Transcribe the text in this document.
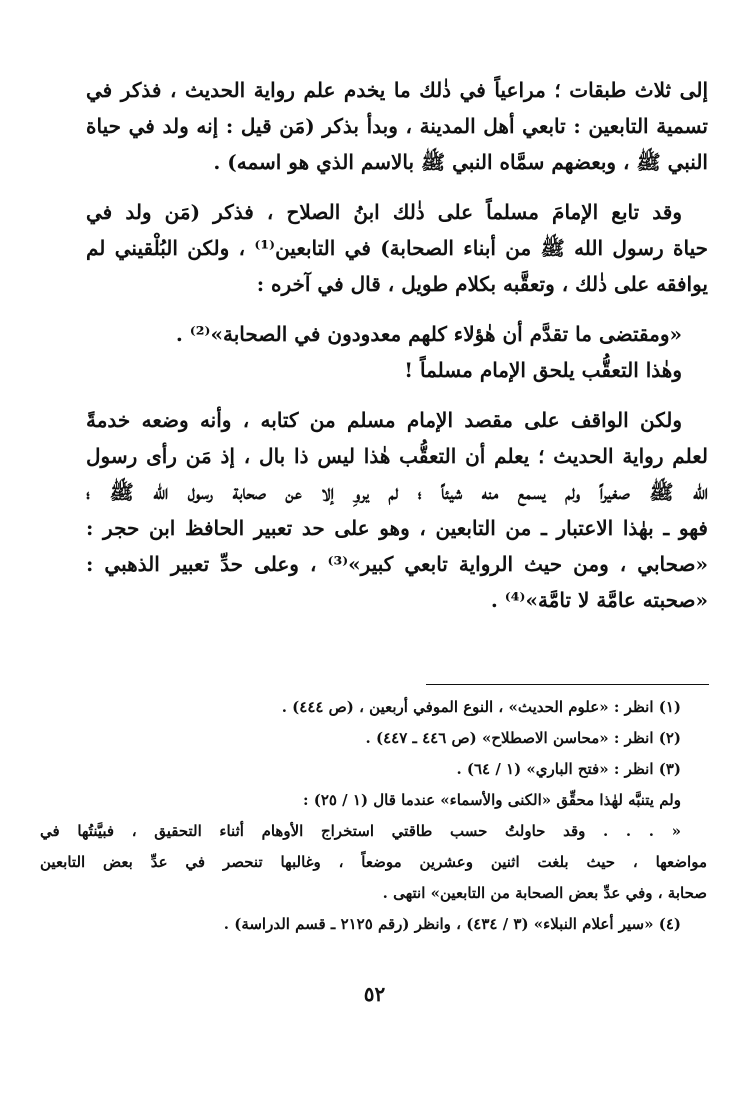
إلى ثلاث طبقات ؛ مراعياً في ذٰلك ما يخدم علم رواية الحديث ، فذكر في
تسمية التابعين : تابعي أهل المدينة ، وبدأ بذكر (مَن قيل : إنه ولد في حياة
النبي ﷺ ، وبعضهم سمَّاه النبي ﷺ بالاسم الذي هو اسمه) .

وقد تابع الإمامَ مسلماً على ذٰلك ابنُ الصلاح ، فذكر (مَن ولد في
حياة رسول الله ﷺ من أبناء الصحابة) في التابعين⁽¹⁾ ، ولكن البُلْقيني لم
يوافقه على ذٰلك ، وتعقَّبه بكلام طويل ، قال في آخره :

«ومقتضى ما تقدَّم أن هٰؤلاء كلهم معدودون في الصحابة»⁽²⁾ .
وهٰذا التعقُّب يلحق الإمام مسلماً !

ولكن الواقف على مقصد الإمام مسلم من كتابه ، وأنه وضعه خدمةً
لعلم رواية الحديث ؛ يعلم أن التعقُّب هٰذا ليس ذا بال ، إذ مَن رأى رسول
الله ﷺ صغيراً ولم يسمع منه شيئاً ؛ لم يروِ إلا عن صحابة رسول الله ﷺ ؛
فهو ـ بهٰذا الاعتبار ـ من التابعين ، وهو على حد تعبير الحافظ ابن حجر :
«صحابي ، ومن حيث الرواية تابعي كبير»⁽³⁾ ، وعلى حدِّ تعبير الذهبي :
«صحبته عامَّة لا تامَّة»⁽⁴⁾ .

(١) انظر : «علوم الحديث» ، النوع الموفي أربعين ، (ص ٤٤٤) .
(٢) انظر : «محاسن الاصطلاح» (ص ٤٤٦ ـ ٤٤٧) .
(٣) انظر : «فتح الباري» (١ / ٦٤) .
ولم يتنبَّه لهٰذا محقِّق «الكنى والأسماء» عندما قال (١ / ٢٥) :
« . . . وقد حاولتُ حسب طاقتي استخراج الأوهام أثناء التحقيق ، فبيَّنتُها في
مواضعها ، حيث بلغت اثنين وعشرين موضعاً ، وغالبها تنحصر في عدِّ بعض التابعين
صحابة ، وفي عدِّ بعض الصحابة من التابعين» انتهى .
(٤) «سير أعلام النبلاء» (٣ / ٤٣٤) ، وانظر (رقم ٢١٢٥ ـ قسم الدراسة) .
٥٢
